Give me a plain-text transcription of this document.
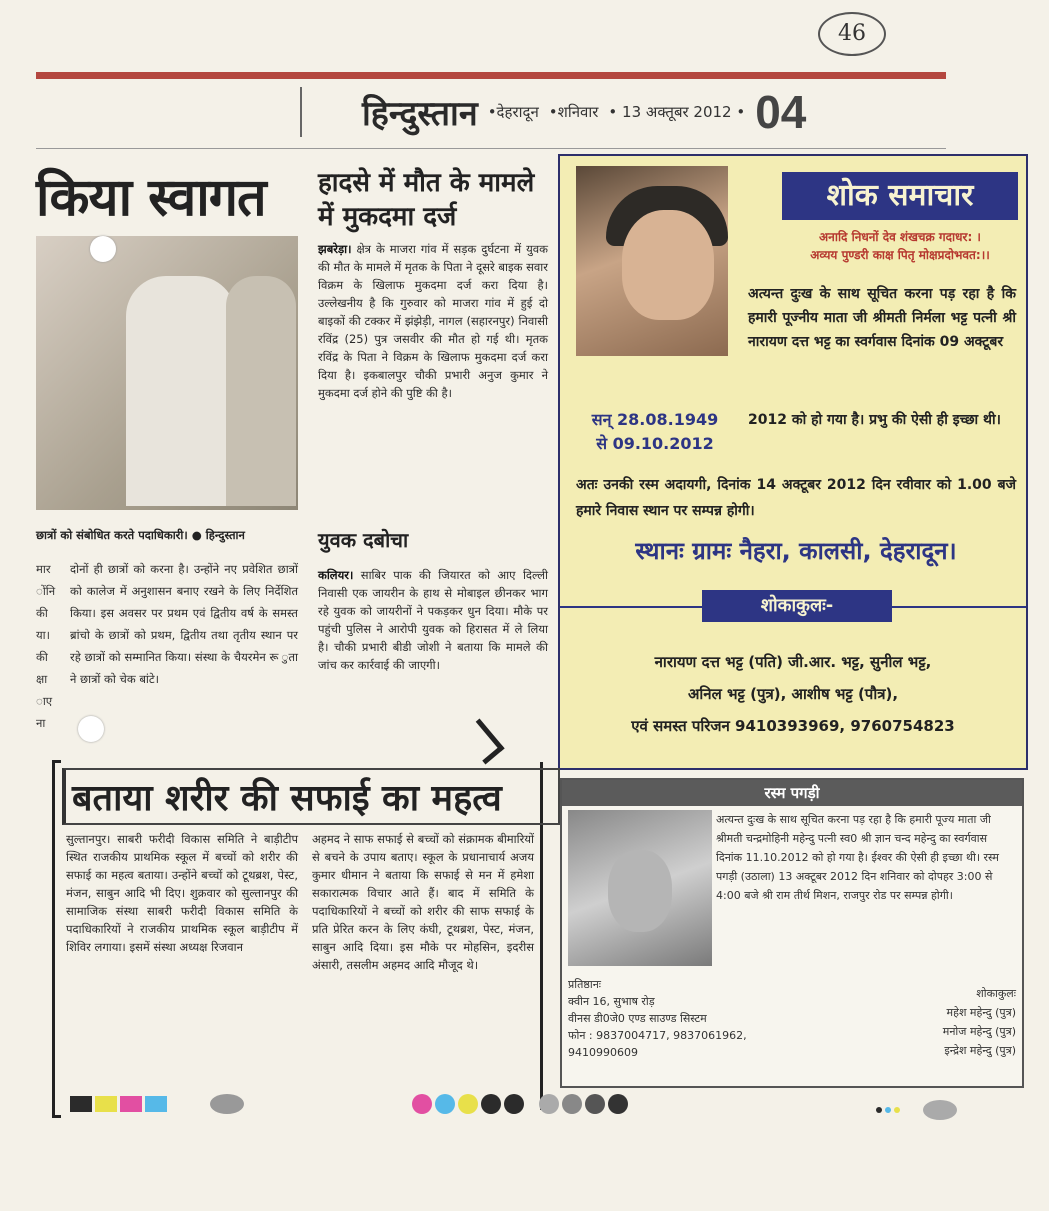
46
हिन्दुस्तान •देहरादून •शनिवार • 13 अक्तूबर 2012 • 04
किया स्वागत
छात्रों को संबोधित करते पदाधिकारी। ● हिन्दुस्तान
मार
ोंनि
की
या।
की
क्षा
ाए
ना
दोनों ही छात्रों को करना है। उन्होंने नए प्रवेशित छात्रों को कालेज में अनुशासन बनाए रखने के लिए निर्देशित किया। इस अवसर पर प्रथम एवं द्वितीय वर्ष के समस्त ब्रांचो के छात्रों को प्रथम, द्वितीय तथा तृतीय स्थान पर रहे छात्रों को सम्मानित किया। संस्था के चैयरमेन रू ुता ने छात्रों को चेक बांटे।
हादसे में मौत के मामले में मुकदमा दर्ज
झबरेड़ा। क्षेत्र के माजरा गांव में सड़क दुर्घटना में युवक की मौत के मामले में मृतक के पिता ने दूसरे बाइक सवार विक्रम के खिलाफ मुकदमा दर्ज करा दिया है। उल्लेखनीय है कि गुरुवार को माजरा गांव में हुई दो बाइकों की टक्कर में झंझेड़ी, नागल (सहारनपुर) निवासी रविंद्र (25) पुत्र जसवीर की मौत हो गई थी। मृतक रविंद्र के पिता ने विक्रम के खिलाफ मुकदमा दर्ज करा दिया है। इकबालपुर चौकी प्रभारी अनुज कुमार ने मुकदमा दर्ज होने की पुष्टि की है।
युवक दबोचा
कलियर। साबिर पाक की जियारत को आए दिल्ली निवासी एक जायरीन के हाथ से मोबाइल छीनकर भाग रहे युवक को जायरीनों ने पकड़कर धुन दिया। मौके पर पहुंची पुलिस ने आरोपी युवक को हिरासत में ले लिया है। चौकी प्रभारी बीडी जोशी ने बताया कि मामले की जांच कर कार्रवाई की जाएगी।
शोक समाचार
अनादि निधनों देव शंखचक्र गदाधर: ।
अव्यय पुण्डरी काक्ष पितृ मोक्षप्रदोभवत:।।
अत्यन्त दुःख के साथ सूचित करना पड़ रहा है कि हमारी पूज्नीय माता जी श्रीमती निर्मला भट्ट पत्नी श्री नारायण दत्त भट्ट का स्वर्गवास दिनांक 09 अक्टूबर
सन् 28.08.1949
से 09.10.2012
2012 को हो गया है। प्रभु की ऐसी ही इच्छा थी।
अतः उनकी रस्म अदायगी, दिनांक 14 अक्टूबर 2012 दिन रवीवार को 1.00 बजे हमारे निवास स्थान पर सम्पन्न होगी।
स्थानः ग्रामः नैहरा, कालसी, देहरादून।
शोकाकुलः-
नारायण दत्त भट्ट (पति) जी.आर. भट्ट, सुनील भट्ट,
अनिल भट्ट (पुत्र), आशीष भट्ट (पौत्र),
एवं समस्त परिजन 9410393969, 9760754823
बताया शरीर की सफाई का महत्व
सुल्तानपुर। साबरी फरीदी विकास समिति ने बाड़ीटीप स्थित राजकीय प्राथमिक स्कूल में बच्चों को शरीर की सफाई का महत्व बताया। उन्होंने बच्चों को टूथब्रश, पेस्ट, मंजन, साबुन आदि भी दिए। शुक्रवार को सुल्तानपुर की सामाजिक संस्था साबरी फरीदी विकास समिति के पदाधिकारियों ने राजकीय प्राथमिक स्कूल बाड़ीटीप में शिविर लगाया। इसमें संस्था अध्यक्ष रिजवान
अहमद ने साफ सफाई से बच्चों को संक्रामक बीमारियों से बचने के उपाय बताए। स्कूल के प्रधानाचार्य अजय कुमार धीमान ने बताया कि सफाई से मन में हमेशा सकारात्मक विचार आते हैं। बाद में समिति के पदाधिकारियों ने बच्चों को शरीर की साफ सफाई के प्रति प्रेरित करन के लिए कंघी, टूथब्रश, पेस्ट, मंजन, साबुन आदि दिया। इस मौके पर मोहसिन, इदरीस अंसारी, तसलीम अहमद आदि मौजूद थे।
रस्म पगड़ी
अत्यन्त दुःख के साथ सूचित करना पड़ रहा है कि हमारी पूज्य माता जी श्रीमती चन्द्रमोहिनी महेन्दु पत्नी स्व0 श्री ज्ञान चन्द महेन्दु का स्वर्गवास दिनांक 11.10.2012 को हो गया है। ईश्वर की ऐसी ही इच्छा थी। रस्म पगड़ी (उठाला) 13 अक्टूबर 2012 दिन शनिवार को दोपहर 3:00 से 4:00 बजे श्री राम तीर्थ मिशन, राजपुर रोड पर सम्पन्न होगी।
प्रतिष्ठानः
क्वीन 16, सुभाष रोड़
वीनस डी0जे0 एण्ड साउण्ड सिस्टम
फोन : 9837004717, 9837061962,
9410990609
शोकाकुलः
महेश महेन्दु (पुत्र)
मनोज महेन्दु (पुत्र)
इन्द्रेश महेन्दु (पुत्र)
